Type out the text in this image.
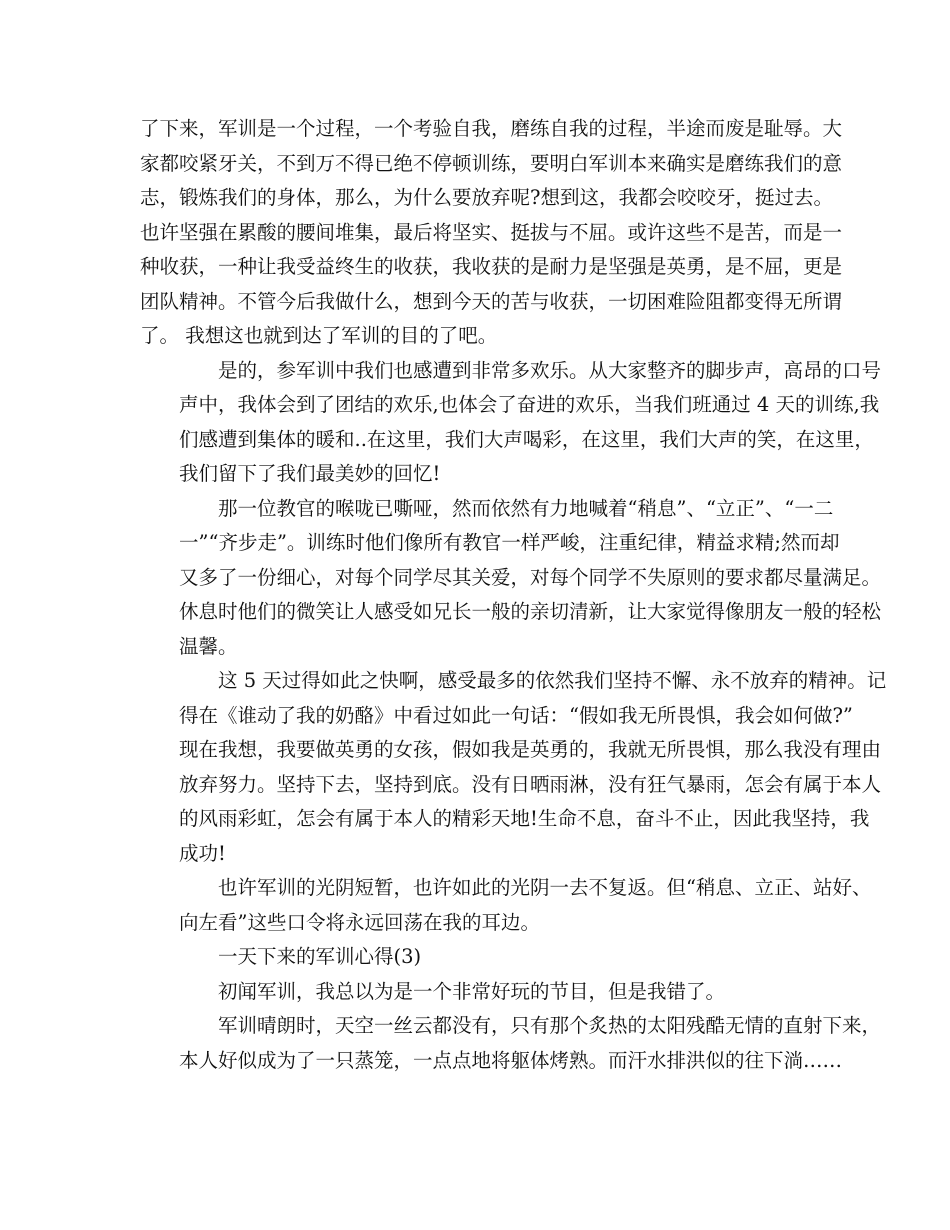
了下来，军训是一个过程，一个考验自我，磨练自我的过程，半途而废是耻辱。大
家都咬紧牙关，不到万不得已绝不停顿训练，要明白军训本来确实是磨练我们的意
志，锻炼我们的身体，那么，为什么要放弃呢?想到这，我都会咬咬牙，挺过去。
也许坚强在累酸的腰间堆集，最后将坚实、挺拔与不屈。或许这些不是苦，而是一
种收获，一种让我受益终生的收获，我收获的是耐力是坚强是英勇，是不屈，更是
团队精神。不管今后我做什么，想到今天的苦与收获，一切困难险阻都变得无所谓
了。 我想这也就到达了军训的目的了吧。
是的，参军训中我们也感遭到非常多欢乐。从大家整齐的脚步声，高昂的口号
声中，我体会到了团结的欢乐,也体会了奋进的欢乐，当我们班通过 4 天的训练,我
们感遭到集体的暖和..在这里，我们大声喝彩，在这里，我们大声的笑，在这里，
我们留下了我们最美妙的回忆!
那一位教官的喉咙已嘶哑，然而依然有力地喊着“稍息”、“立正”、“一二
一”“齐步走”。训练时他们像所有教官一样严峻，注重纪律，精益求精;然而却
又多了一份细心，对每个同学尽其关爱，对每个同学不失原则的要求都尽量满足。
休息时他们的微笑让人感受如兄长一般的亲切清新，让大家觉得像朋友一般的轻松
温馨。
这 5 天过得如此之快啊，感受最多的依然我们坚持不懈、永不放弃的精神。记
得在《谁动了我的奶酪》中看过如此一句话：“假如我无所畏惧，我会如何做?”
现在我想，我要做英勇的女孩，假如我是英勇的，我就无所畏惧，那么我没有理由
放弃努力。坚持下去，坚持到底。没有日晒雨淋，没有狂气暴雨，怎会有属于本人
的风雨彩虹，怎会有属于本人的精彩天地!生命不息，奋斗不止，因此我坚持，我
成功!
也许军训的光阴短暂，也许如此的光阴一去不复返。但“稍息、立正、站好、
向左看”这些口令将永远回荡在我的耳边。
一天下来的军训心得(3)
初闻军训，我总以为是一个非常好玩的节目，但是我错了。
军训晴朗时，天空一丝云都没有，只有那个炙热的太阳残酷无情的直射下来，
本人好似成为了一只蒸笼，一点点地将躯体烤熟。而汗水排洪似的往下淌……
